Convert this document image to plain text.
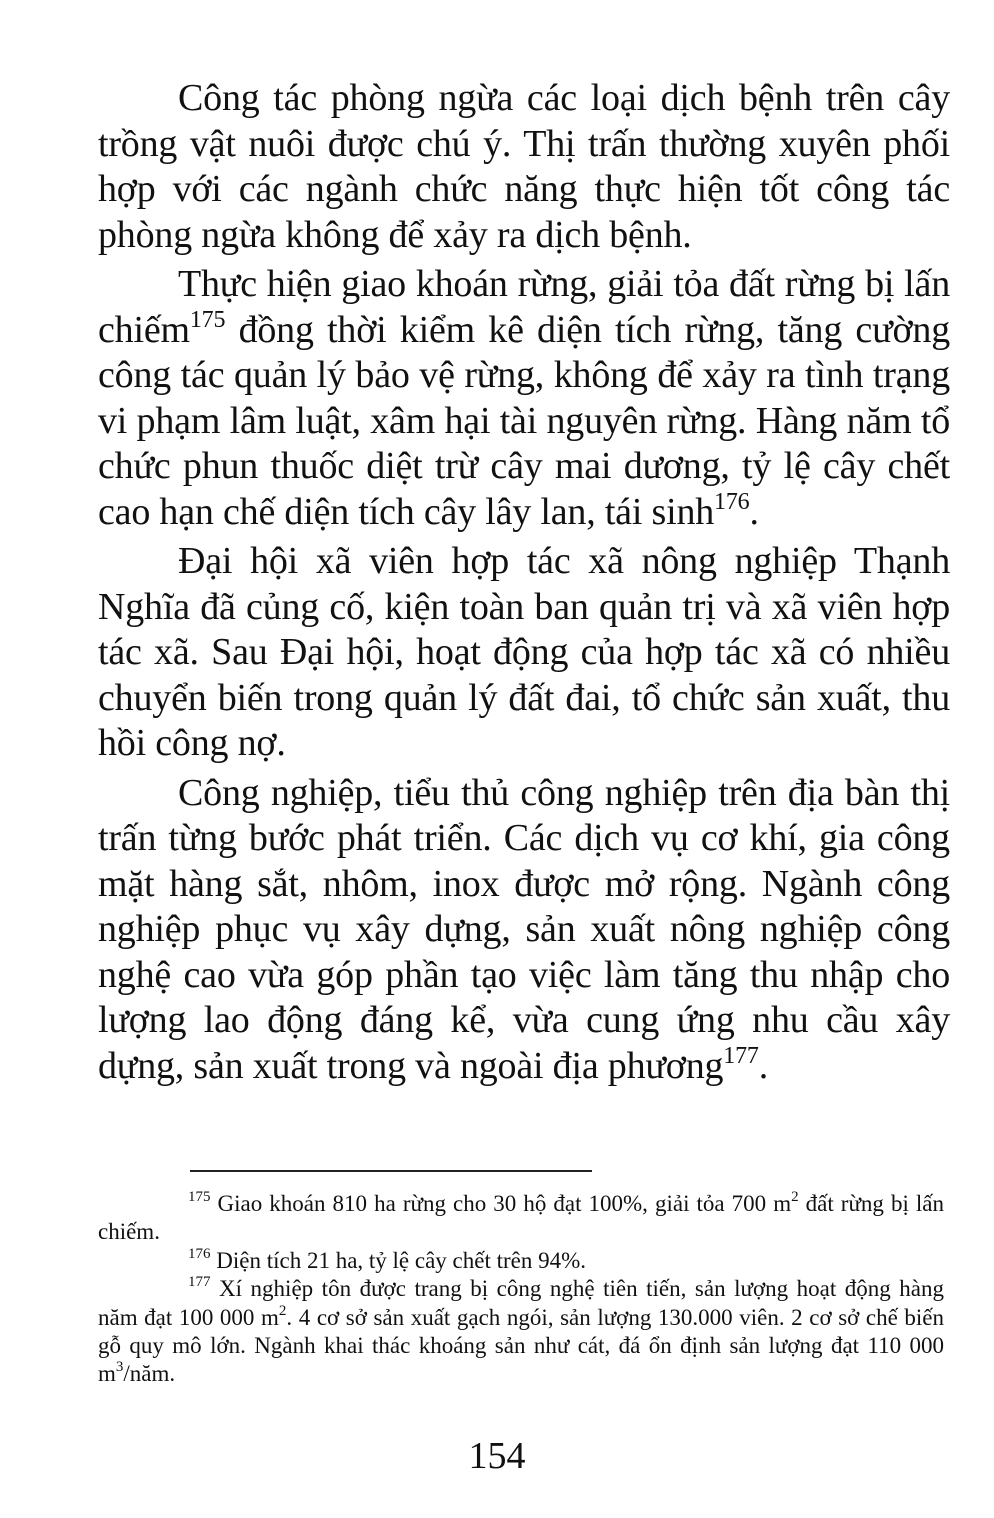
Công tác phòng ngừa các loại dịch bệnh trên cây trồng vật nuôi được chú ý. Thị trấn thường xuyên phối hợp với các ngành chức năng thực hiện tốt công tác phòng ngừa không để xảy ra dịch bệnh.

Thực hiện giao khoán rừng, giải tỏa đất rừng bị lấn chiếm$^{175}$ đồng thời kiểm kê diện tích rừng, tăng cường công tác quản lý bảo vệ rừng, không để xảy ra tình trạng vi phạm lâm luật, xâm hại tài nguyên rừng. Hàng năm tổ chức phun thuốc diệt trừ cây mai dương, tỷ lệ cây chết cao hạn chế diện tích cây lây lan, tái sinh$^{176}$.

Đại hội xã viên hợp tác xã nông nghiệp Thạnh Nghĩa đã củng cố, kiện toàn ban quản trị và xã viên hợp tác xã. Sau Đại hội, hoạt động của hợp tác xã có nhiều chuyển biến trong quản lý đất đai, tổ chức sản xuất, thu hồi công nợ.

Công nghiệp, tiểu thủ công nghiệp trên địa bàn thị trấn từng bước phát triển. Các dịch vụ cơ khí, gia công mặt hàng sắt, nhôm, inox được mở rộng. Ngành công nghiệp phục vụ xây dựng, sản xuất nông nghiệp công nghệ cao vừa góp phần tạo việc làm tăng thu nhập cho lượng lao động đáng kể, vừa cung ứng nhu cầu xây dựng, sản xuất trong và ngoài địa phương$^{177}$.

$^{175}$ Giao khoán 810 ha rừng cho 30 hộ đạt 100%, giải tỏa 700 $m^2$ đất rừng bị lấn chiếm.

$^{176}$ Diện tích 21 ha, tỷ lệ cây chết trên 94%.

$^{177}$ Xí nghiệp tôn được trang bị công nghệ tiên tiến, sản lượng hoạt động hàng năm đạt 100 000 $m^2$. 4 cơ sở sản xuất gạch ngói, sản lượng 130.000 viên. 2 cơ sở chế biến gỗ quy mô lớn. Ngành khai thác khoáng sản như cát, đá ổn định sản lượng đạt 110 000 $m^3$/năm.

154
